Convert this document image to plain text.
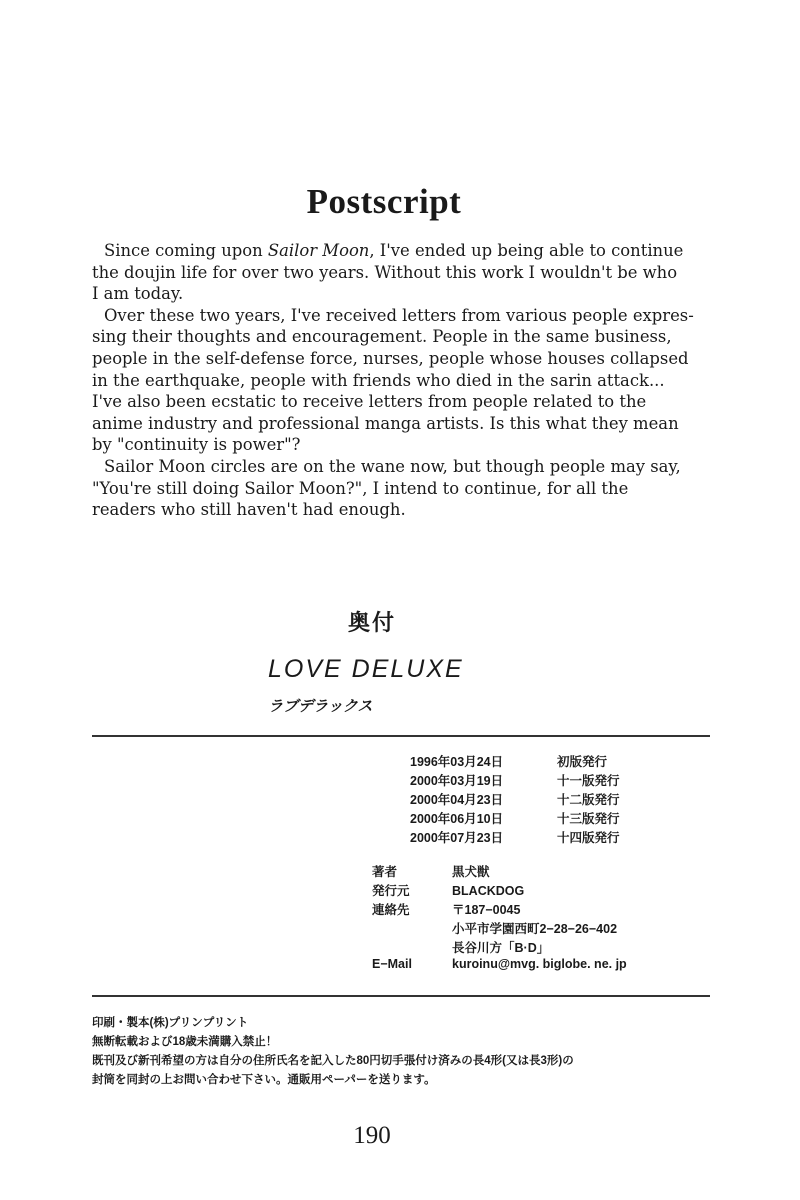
Postscript
Since coming upon Sailor Moon, I've ended up being able to continue
the doujin life for over two years. Without this work I wouldn't be who
I am today.
Over these two years, I've received letters from various people expres-
sing their thoughts and encouragement. People in the same business,
people in the self-defense force, nurses, people whose houses collapsed
in the earthquake, people with friends who died in the sarin attack...
I've also been ecstatic to receive letters from people related to the
anime industry and professional manga artists. Is this what they mean
by "continuity is power"?
Sailor Moon circles are on the wane now, but though people may say,
"You're still doing Sailor Moon?", I intend to continue, for all the
readers who still haven't had enough.
奥付
LOVE DELUXE
ラブデラックス
1996年03月24日	初版発行
2000年03月19日	十一版発行
2000年04月23日	十二版発行
2000年06月10日	十三版発行
2000年07月23日	十四版発行
著者	黒犬獣
発行元	BLACKDOG
連絡先	〒187−0045
小平市学園西町2−28−26−402
長谷川方「B·D」
E−Mail	kuroinu@mvg. biglobe. ne. jp
印刷・製本(株)プリンプリント
無断転載および18歳未満購入禁止！
既刊及び新刊希望の方は自分の住所氏名を記入した80円切手張付け済みの長4形(又は長3形)の
封筒を同封の上お問い合わせ下さい。通販用ペーパーを送ります。
190
